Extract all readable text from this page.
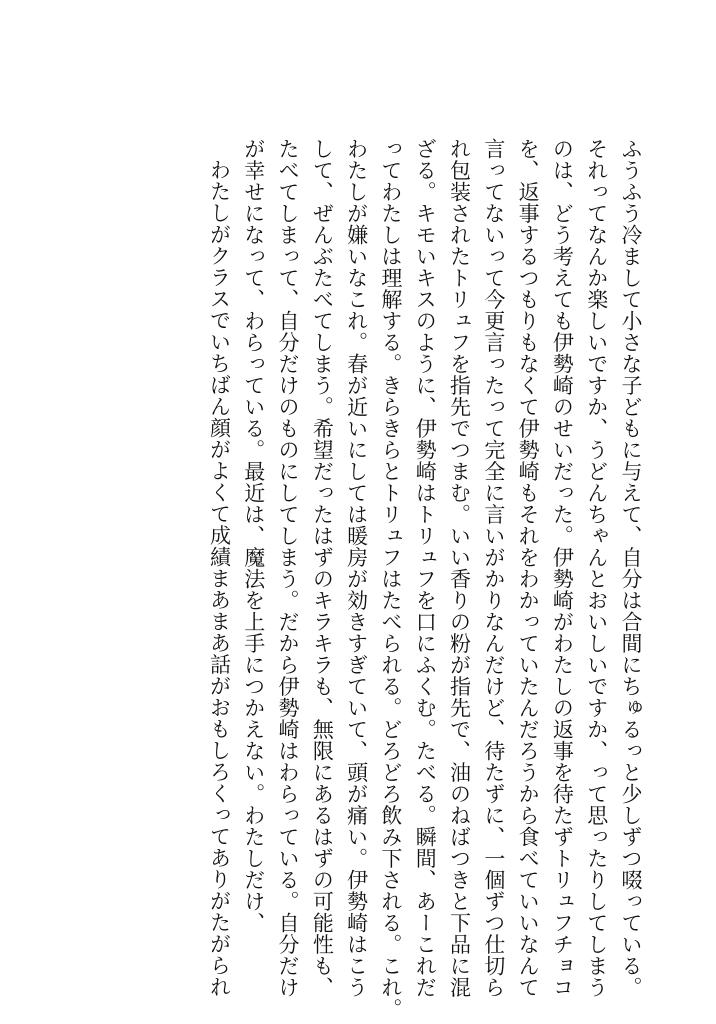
ふうふう冷まして小さな子どもに与えて、自分は合間にちゅるっと少しずつ啜っている。
それってなんか楽しいですか、うどんちゃんとおいしいですか、って思ったりしてしまう
のは、どう考えても伊勢崎のせいだった。伊勢崎がわたしの返事を待たずトリュフチョコ
を、返事するつもりもなくて伊勢崎もそれをわかっていたんだろうから食べていいなんて
言ってないって今更言ったって完全に言いがかりなんだけど、待たずに、一個ずつ仕切ら
れ包装されたトリュフを指先でつまむ。いい香りの粉が指先で、油のねばつきと下品に混
ざる。キモいキスのように、伊勢崎はトリュフを口にふくむ。たべる。瞬間、あーこれだ
ってわたしは理解する。きらきらとトリュフはたべられる。どろどろ飲み下される。これ。
わたしが嫌いなこれ。春が近いにしては暖房が効きすぎていて、頭が痛い。伊勢崎はこう
して、ぜんぶたべてしまう。希望だったはずのキラキラも、無限にあるはずの可能性も、
たべてしまって、自分だけのものにしてしまう。だから伊勢崎はわらっている。自分だけ
が幸せになって、わらっている。最近は、魔法を上手につかえない。わたしだけ、
わたしがクラスでいちばん顔がよくて成績まあまあ話がおもしろくってありがたがられ
